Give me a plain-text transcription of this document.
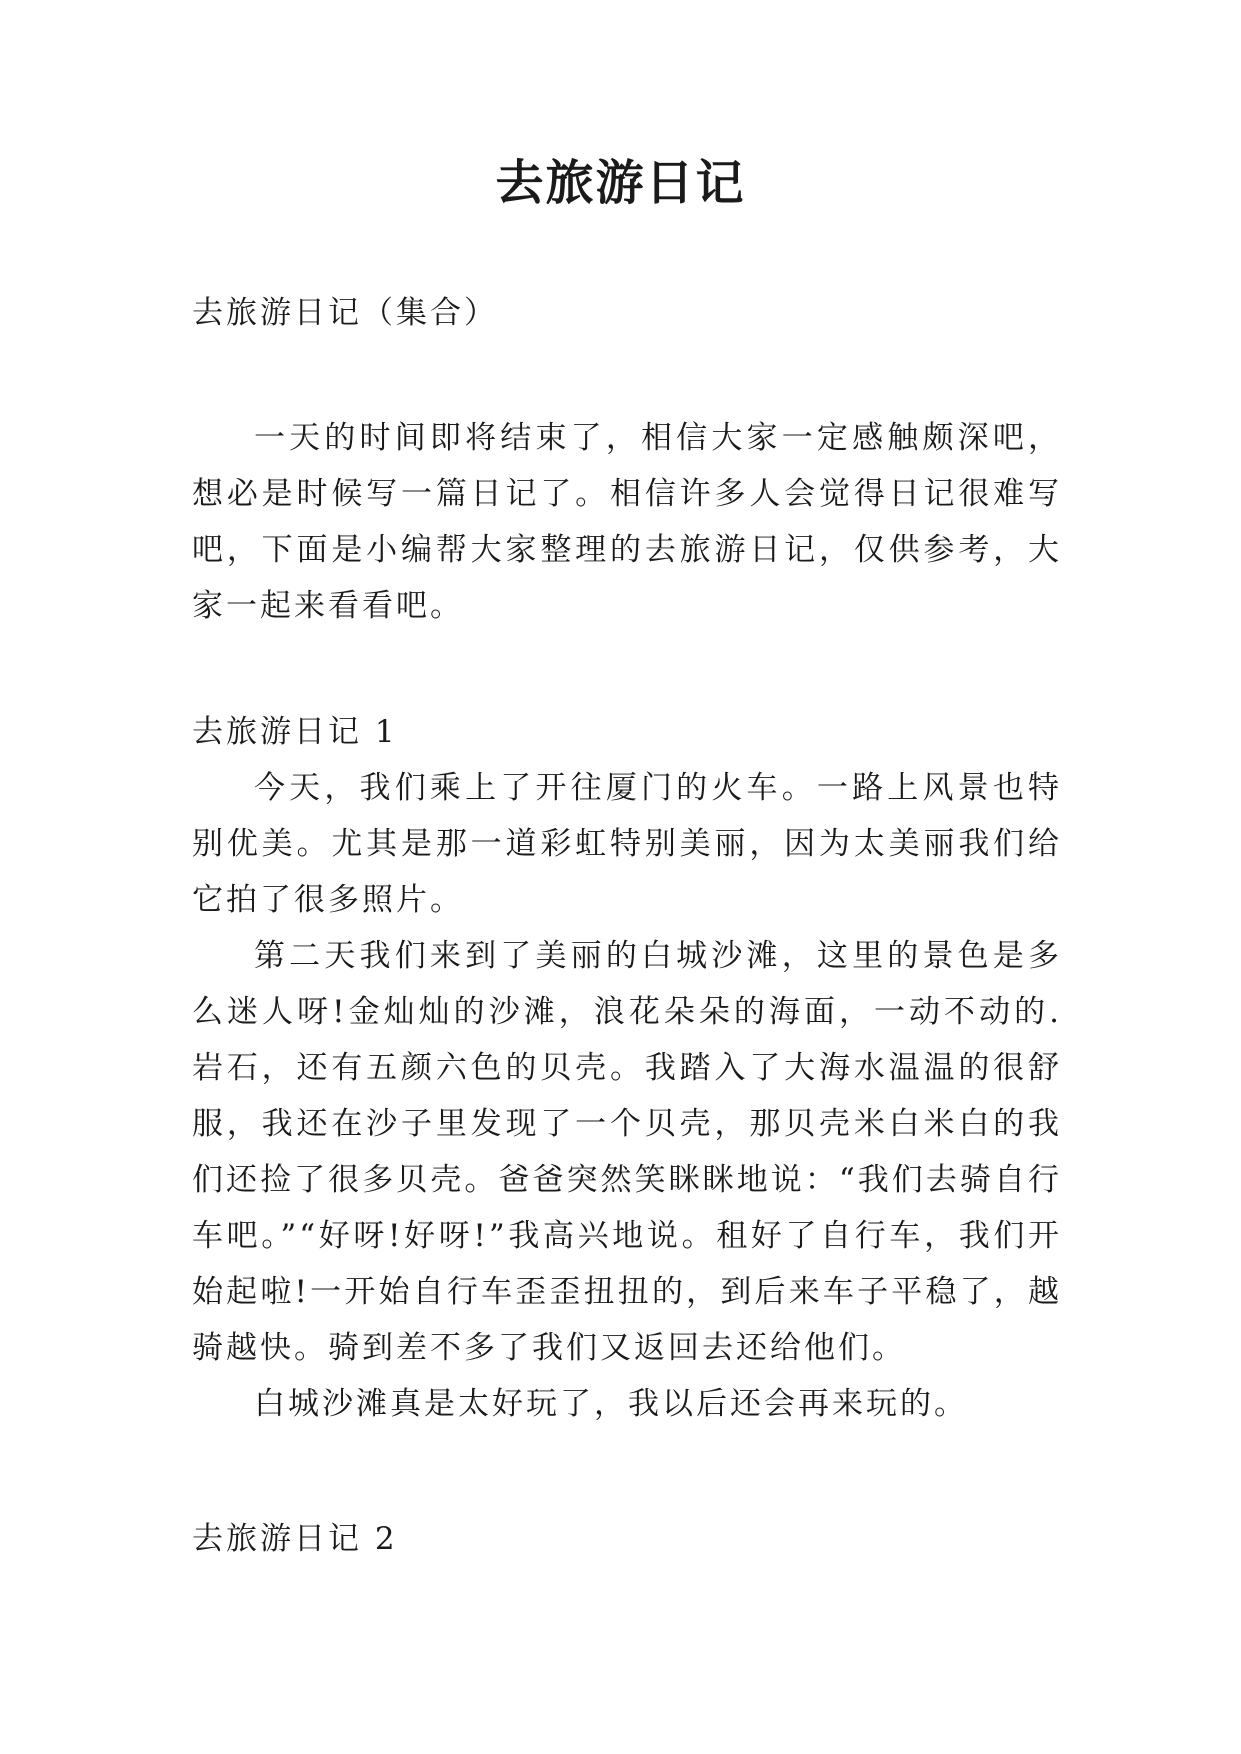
去旅游日记

去旅游日记（集合）

一天的时间即将结束了，相信大家一定感触颇深吧，想必是时候写一篇日记了。相信许多人会觉得日记很难写吧，下面是小编帮大家整理的去旅游日记，仅供参考，大家一起来看看吧。

去旅游日记 1

今天，我们乘上了开往厦门的火车。一路上风景也特别优美。尤其是那一道彩虹特别美丽，因为太美丽我们给它拍了很多照片。

第二天我们来到了美丽的白城沙滩，这里的景色是多么迷人呀!金灿灿的沙滩，浪花朵朵的海面，一动不动的.岩石，还有五颜六色的贝壳。我踏入了大海水温温的很舒服，我还在沙子里发现了一个贝壳，那贝壳米白米白的我们还捡了很多贝壳。爸爸突然笑眯眯地说：“我们去骑自行车吧。”“好呀!好呀!”我高兴地说。租好了自行车，我们开始起啦!一开始自行车歪歪扭扭的，到后来车子平稳了，越骑越快。骑到差不多了我们又返回去还给他们。

白城沙滩真是太好玩了，我以后还会再来玩的。

去旅游日记 2
